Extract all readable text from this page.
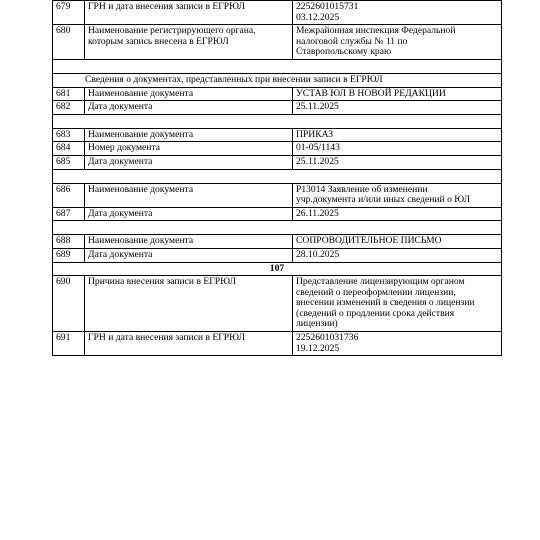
679	ГРН и дата внесения записи в ЕГРЮЛ	2252601015731
03.12.2025

680	Наименование регистрирующего органа,
которым запись внесена в ЕГРЮЛ	Межрайонная инспекция Федеральной
налоговой службы № 11 по
Ставропольскому краю

Сведения о документах, представленных при внесении записи в ЕГРЮЛ		
681	Наименование документа	УСТАВ ЮЛ В НОВОЙ РЕДАКЦИИ

682	Дата документа	25.11.2025

683	Наименование документа	ПРИКАЗ

684	Номер документа	01-05/1143

685	Дата документа	25.11.2025

686	Наименование документа	Р13014 Заявление об изменении
учр.документа и/или иных сведений о ЮЛ

687	Дата документа	26.11.2025

688	Наименование документа	СОПРОВОДИТЕЛЬНОЕ ПИСЬМО

689	Дата документа	28.10.2025

107		
690	Причина внесения записи в ЕГРЮЛ	Представление лицензирующим органом
сведений о переоформлении лицензии,
внесении изменений в сведения о лицензии
(сведений о продлении срока действия
лицензии)

691	ГРН и дата внесения записи в ЕГРЮЛ	2252601031736
19.12.2025
